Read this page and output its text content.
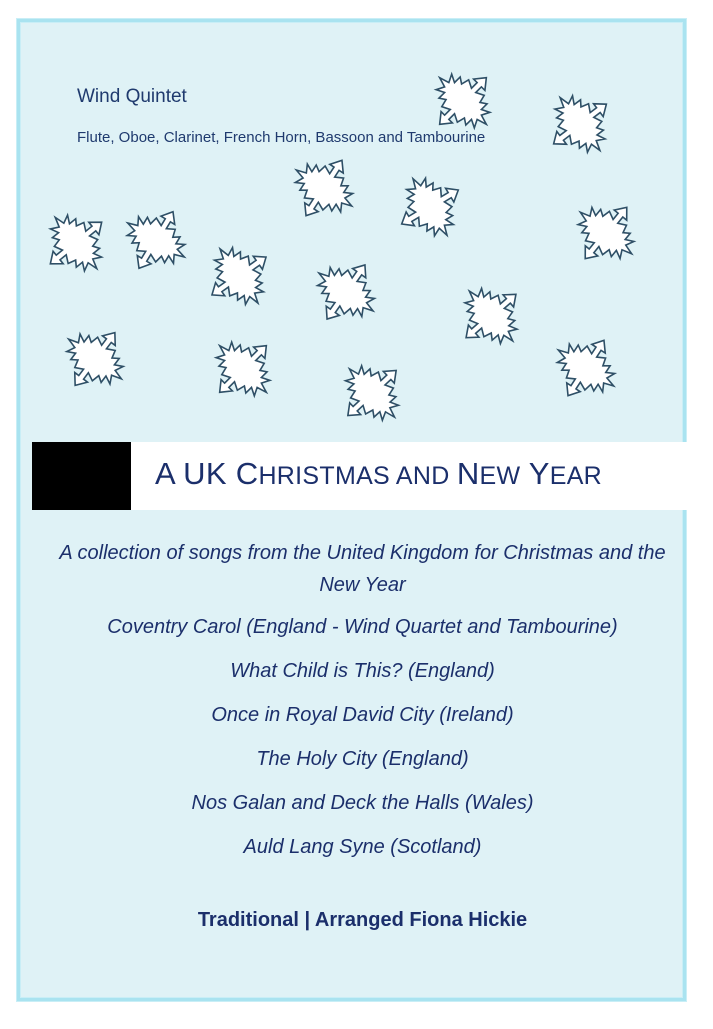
Wind Quintet
Flute, Oboe, Clarinet, French Horn, Bassoon and Tambourine
A UK CHRISTMAS AND NEW YEAR
A collection of songs from the United Kingdom for Christmas and the New Year
Coventry Carol (England - Wind Quartet and Tambourine)
What Child is This? (England)
Once in Royal David City (Ireland)
The Holy City (England)
Nos Galan and Deck the Halls (Wales)
Auld Lang Syne (Scotland)
Traditional | Arranged Fiona Hickie
